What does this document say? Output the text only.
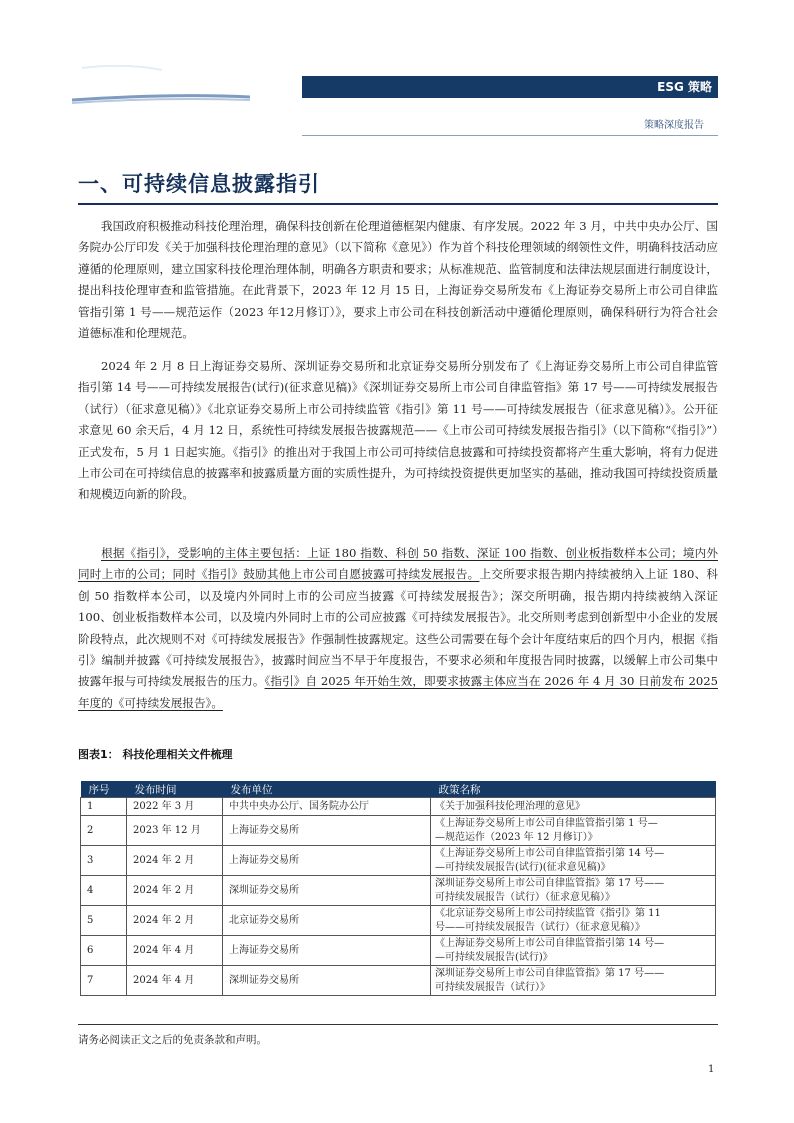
ESG 策略
策略深度报告
一、可持续信息披露指引

我国政府积极推动科技伦理治理，确保科技创新在伦理道德框架内健康、有序发展。2022 年 3 月，中共中央办公厅、国务院办公厅印发《关于加强科技伦理治理的意见》（以下简称《意见》）作为首个科技伦理领域的纲领性文件，明确科技活动应遵循的伦理原则，建立国家科技伦理治理体制，明确各方职责和要求；从标准规范、监管制度和法律法规层面进行制度设计，提出科技伦理审查和监管措施。在此背景下，2023 年 12 月 15 日，上海证券交易所发布《上海证券交易所上市公司自律监管指引第 1 号——规范运作（2023 年12月修订）》，要求上市公司在科技创新活动中遵循伦理原则，确保科研行为符合社会道德标准和伦理规范。

2024 年 2 月 8 日上海证券交易所、深圳证券交易所和北京证券交易所分别发布了《上海证券交易所上市公司自律监管指引第 14 号——可持续发展报告(试行)(征求意见稿)》《深圳证券交易所上市公司自律监管指》第 17 号——可持续发展报告（试行）（征求意见稿）》《北京证券交易所上市公司持续监管《指引》第 11 号——可持续发展报告（征求意见稿）》。公开征求意见 60 余天后，4 月 12 日，系统性可持续发展报告披露规范——《上市公司可持续发展报告指引》（以下简称“《指引》”）正式发布，5 月 1 日起实施。《指引》的推出对于我国上市公司可持续信息披露和可持续投资都将产生重大影响，将有力促进上市公司在可持续信息的披露率和披露质量方面的实质性提升，为可持续投资提供更加坚实的基础，推动我国可持续投资质量和规模迈向新的阶段。

根据《指引》，受影响的主体主要包括：上证 180 指数、科创 50 指数、深证 100 指数、创业板指数样本公司；境内外同时上市的公司；同时《指引》鼓励其他上市公司自愿披露可持续发展报告。上交所要求报告期内持续被纳入上证 180、科创 50 指数样本公司，以及境内外同时上市的公司应当披露《可持续发展报告》；深交所明确，报告期内持续被纳入深证 100、创业板指数样本公司，以及境内外同时上市的公司应披露《可持续发展报告》。北交所则考虑到创新型中小企业的发展阶段特点，此次规则不对《可持续发展报告》作强制性披露规定。这些公司需要在每个会计年度结束后的四个月内，根据《指引》编制并披露《可持续发展报告》，披露时间应当不早于年度报告，不要求必须和年度报告同时披露，以缓解上市公司集中披露年报与可持续发展报告的压力。《指引》自 2025 年开始生效，即要求披露主体应当在 2026 年 4 月 30 日前发布 2025 年度的《可持续发展报告》。

图表1： 科技伦理相关文件梳理
序号	发布时间	发布单位	政策名称
1	2022 年 3 月	中共中央办公厅、国务院办公厅	《关于加强科技伦理治理的意见》
2	2023 年 12 月	上海证券交易所	《上海证券交易所上市公司自律监管指引第 1 号—
—规范运作（2023 年 12 月修订）》
3	2024 年 2 月	上海证券交易所	《上海证券交易所上市公司自律监管指引第 14 号—
—可持续发展报告(试行)(征求意见稿)》
4	2024 年 2 月	深圳证券交易所	深圳证券交易所上市公司自律监管指》第 17 号——
可持续发展报告（试行）（征求意见稿）》
5	2024 年 2 月	北京证券交易所	《北京证券交易所上市公司持续监管《指引》第 11
号——可持续发展报告（试行）（征求意见稿）》
6	2024 年 4 月	上海证券交易所	《上海证券交易所上市公司自律监管指引第 14 号—
—可持续发展报告(试行)》
7	2024 年 4 月	深圳证券交易所	深圳证券交易所上市公司自律监管指》第 17 号——
可持续发展报告（试行）》
请务必阅读正文之后的免责条款和声明。
1
